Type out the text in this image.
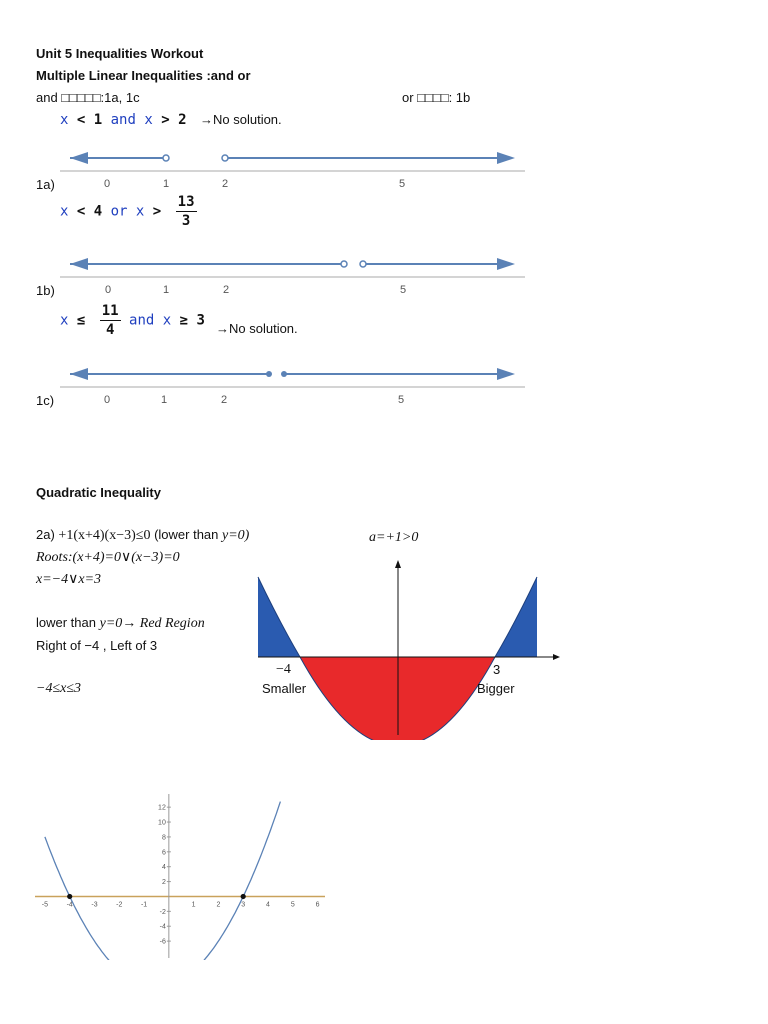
Unit 5 Inequalities Workout
Multiple Linear Inequalities :and or
and □□□□□:1a, 1c	or □□□□: 1b
x < 1 and x > 2 →No solution.
0	1	2	5
1a)
x < 4 or $x > \frac{13}{3}$
0	1	2	5
1b)
$x \le \frac{11}{4}$ and x ≥ 3 →No solution.
0	1	2	5
1c)
Quadratic Inequality
2a) +1(x+4)(x−3)≤0 (lower than y=0)
Roots:(x+4)=0∨(x−3)=0
x=−4∨x=3
lower than y=0→ Red Region
Right of −4 , Left of 3
−4≤x≤3
a=+1>0
−4	3
Smaller	Bigger
-5	-4	-3	-2	-1	1	2	3	4	5	6
12
10
8
6
4
2
-2
-4
-6
